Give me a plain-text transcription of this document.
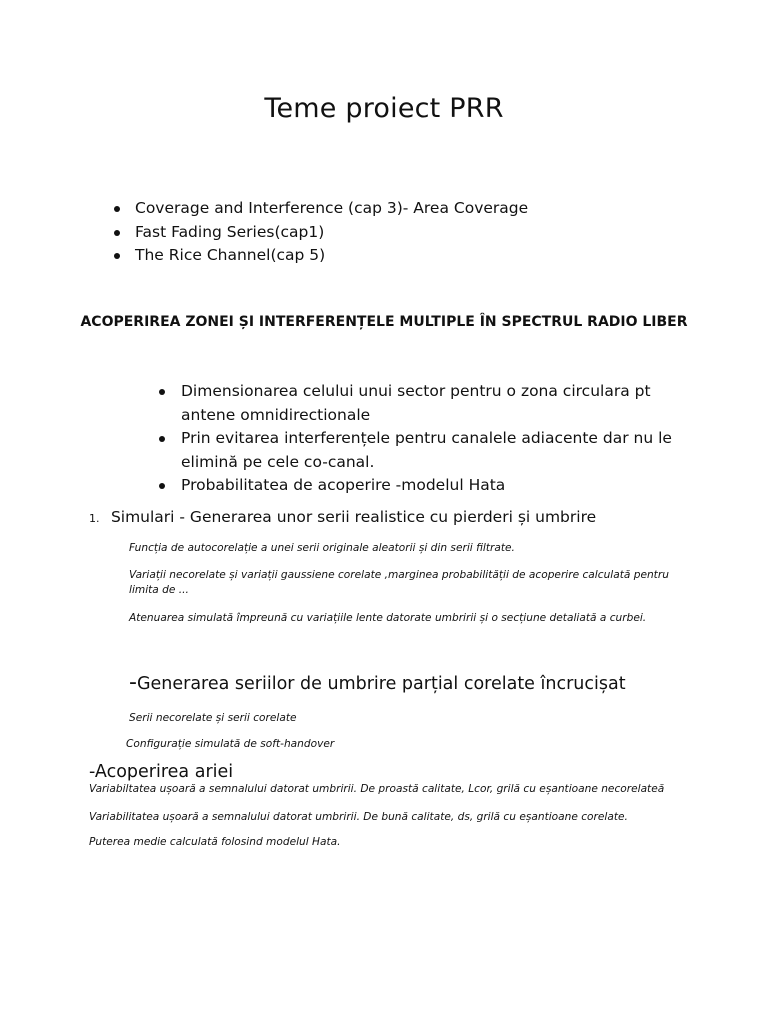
Teme proiect PRR
Coverage and Interference (cap 3)- Area Coverage
Fast Fading Series(cap1)
The Rice Channel(cap 5)
ACOPERIREA ZONEI ȘI INTERFERENȚELE MULTIPLE ÎN SPECTRUL RADIO LIBER
Dimensionarea celului unui sector pentru o zona circulara pt antene omnidirectionale
Prin evitarea interferențele pentru canalele adiacente dar nu le elimină pe cele co-canal.
Probabilitatea de acoperire -modelul Hata
1. Simulari - Generarea unor serii realistice cu pierderi și umbrire

Funcția de autocorelație a unei serii originale aleatorii și din serii filtrate.

Variații necorelate și variații gaussiene corelate ,marginea probabilității de acoperire calculată pentru limita de ...

Atenuarea simulată împreună cu variațiile lente datorate umbririi și o secțiune detaliată a curbei.

-Generarea seriilor de umbrire parțial corelate încrucișat

Serii necorelate și serii corelate

Configurație simulată de soft-handover

-Acoperirea ariei

Variabiltatea ușoară a semnalului datorat umbririi. De proastă calitate, Lcor, grilă cu eșantioane necorelateă

Variabilitatea ușoară a semnalului datorat umbririi. De bună calitate, ds, grilă cu eșantioane corelate.

Puterea medie calculată folosind modelul Hata.
